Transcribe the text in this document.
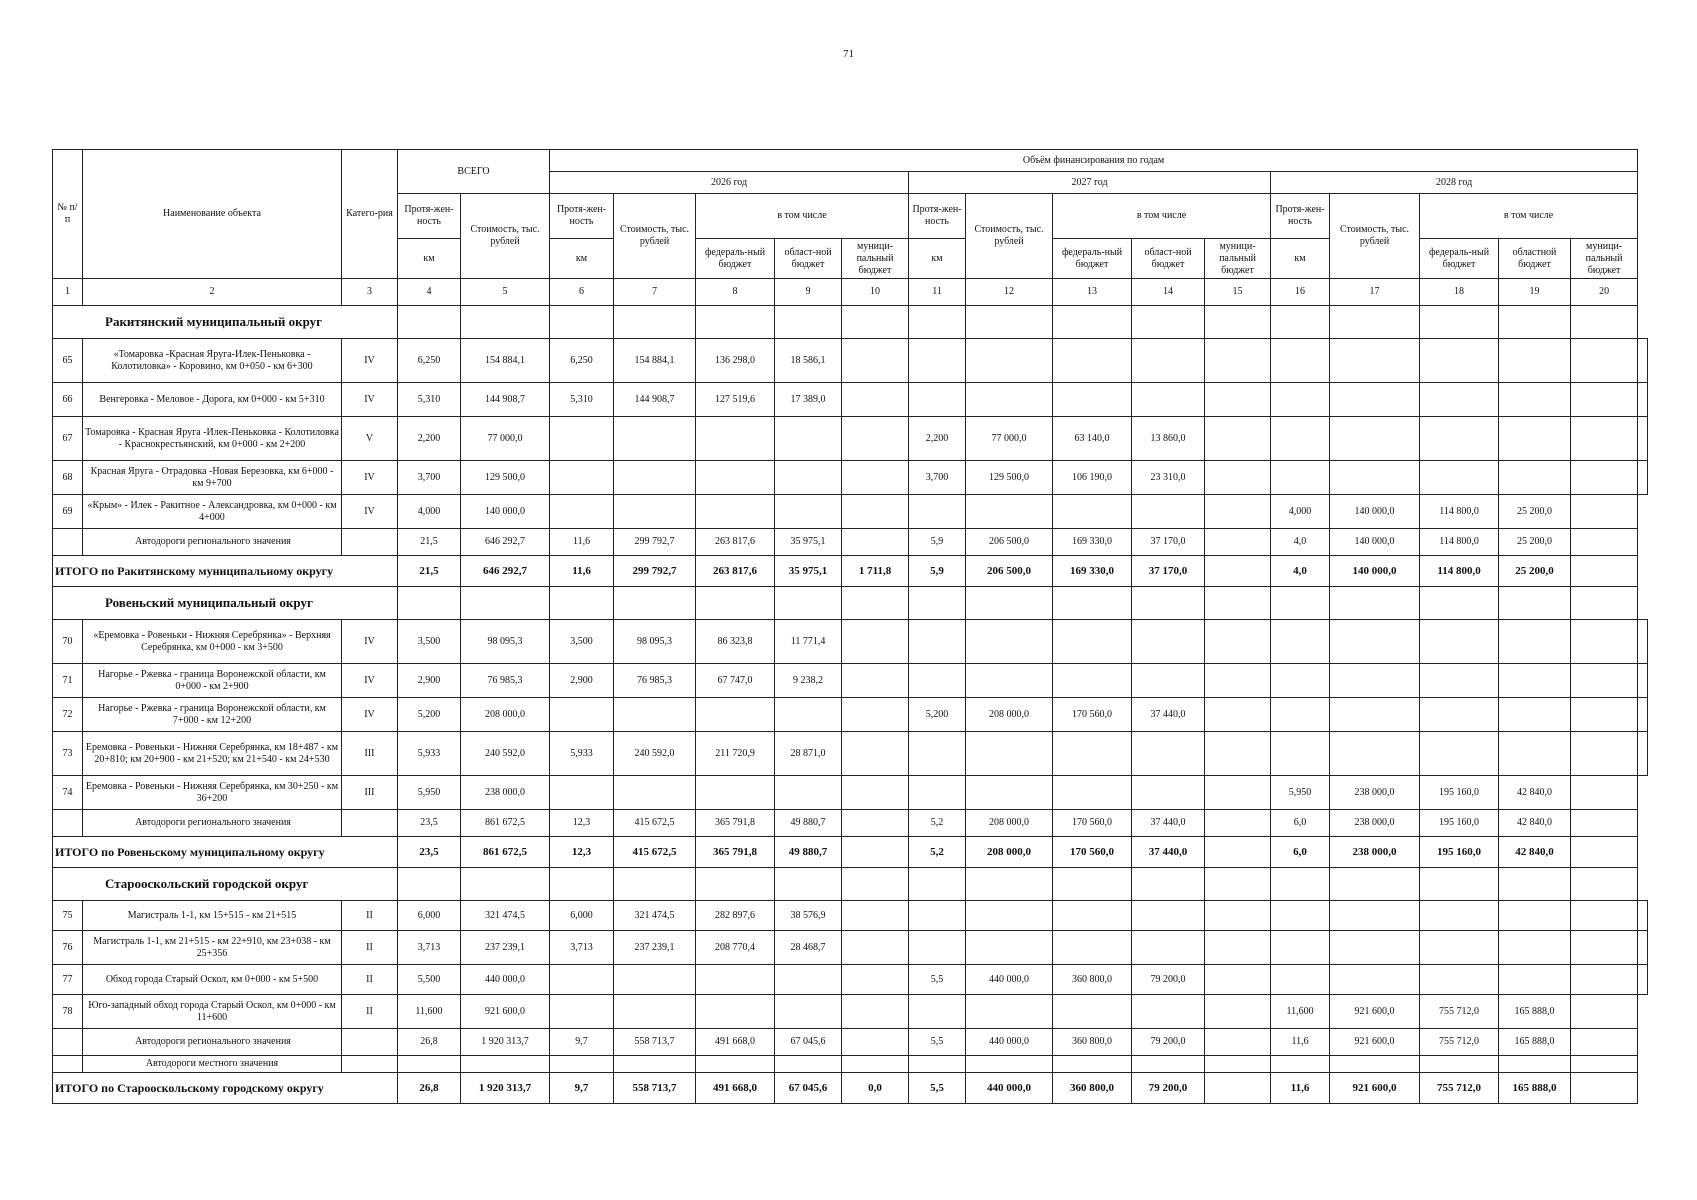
71
№ п/п	Наименование объекта	Катего-рия	ВСЕГО		Объём финансирования по годам															
					2026 год					2027 год					2028 год					
			Протя-жен-ность	Стоимость, тыс. рублей	Протя-жен-ность	Стоимость, тыс. рублей	в том числе			Протя-жен-ность	Стоимость, тыс. рублей	в том числе			Протя-жен-ность	Стоимость, тыс. рублей	в том числе			
			км		км		федераль-ный бюджет	област-ной бюджет	муници-пальный бюджет	км		федераль-ный бюджет	област-ной бюджет	муници-пальный бюджет	км		федераль-ный бюджет	областной бюджет	муници-пальный бюджет	
1	2	3	4	5	6	7	8	9	10	11	12	13	14	15	16	17	18	19	20	
Ракитянский муниципальный округ																				
65	«Томаровка -Красная Яруга-Илек-Пеньковка - Колотиловка» - Коровино, км 0+050 - км 6+300	IV	6,250	154 884,1	6,250	154 884,1	136 298,0	18 586,1												
66	Венгеровка - Меловое - Дорога, км 0+000 - км 5+310	IV	5,310	144 908,7	5,310	144 908,7	127 519,6	17 389,0												
67	Томаровка - Красная Яруга -Илек-Пеньковка - Колотиловка - Краснокрестьянский, км 0+000 - км 2+200	V	2,200	77 000,0						2,200	77 000,0	63 140,0	13 860,0							
68	Красная Яруга - Отрадовка -Новая Березовка, км 6+000 - км 9+700	IV	3,700	129 500,0						3,700	129 500,0	106 190,0	23 310,0							
69	«Крым» - Илек - Ракитное - Александровка, км 0+000 - км 4+000	IV	4,000	140 000,0											4,000	140 000,0	114 800,0	25 200,0		
	Автодороги регионального значения		21,5	646 292,7	11,6	299 792,7	263 817,6	35 975,1		5,9	206 500,0	169 330,0	37 170,0		4,0	140 000,0	114 800,0	25 200,0		
ИТОГО по Ракитянскому муниципальному округу			21,5	646 292,7	11,6	299 792,7	263 817,6	35 975,1	1 711,8	5,9	206 500,0	169 330,0	37 170,0		4,0	140 000,0	114 800,0	25 200,0		
Ровеньский муниципальный округ																				
70	«Еремовка - Ровеньки - Нижняя Серебрянка» - Верхняя Серебрянка, км 0+000 - км 3+500	IV	3,500	98 095,3	3,500	98 095,3	86 323,8	11 771,4												
71	Нагорье - Ржевка - граница Воронежской области, км 0+000 - км 2+900	IV	2,900	76 985,3	2,900	76 985,3	67 747,0	9 238,2												
72	Нагорье - Ржевка - граница Воронежской области, км 7+000 - км 12+200	IV	5,200	208 000,0						5,200	208 000,0	170 560,0	37 440,0							
73	Еремовка - Ровеньки - Нижняя Серебрянка, км 18+487 - км 20+810; км 20+900 - км 21+520; км 21+540 - км 24+530	III	5,933	240 592,0	5,933	240 592,0	211 720,9	28 871,0												
74	Еремовка - Ровеньки - Нижняя Серебрянка, км 30+250 - км 36+200	III	5,950	238 000,0											5,950	238 000,0	195 160,0	42 840,0		
	Автодороги регионального значения		23,5	861 672,5	12,3	415 672,5	365 791,8	49 880,7		5,2	208 000,0	170 560,0	37 440,0		6,0	238 000,0	195 160,0	42 840,0		
ИТОГО по Ровеньскому муниципальному округу			23,5	861 672,5	12,3	415 672,5	365 791,8	49 880,7		5,2	208 000,0	170 560,0	37 440,0		6,0	238 000,0	195 160,0	42 840,0		
Старооскольский городской округ																				
75	Магистраль 1-1, км 15+515 - км 21+515	II	6,000	321 474,5	6,000	321 474,5	282 897,6	38 576,9												
76	Магистраль 1-1, км 21+515 - км 22+910, км 23+038 - км 25+356	II	3,713	237 239,1	3,713	237 239,1	208 770,4	28 468,7												
77	Обход города Старый Оскол, км 0+000 - км 5+500	II	5,500	440 000,0						5,5	440 000,0	360 800,0	79 200,0							
78	Юго-западный обход города Старый Оскол, км 0+000 - км 11+600	II	11,600	921 600,0											11,600	921 600,0	755 712,0	165 888,0		
	Автодороги регионального значения		26,8	1 920 313,7	9,7	558 713,7	491 668,0	67 045,6		5,5	440 000,0	360 800,0	79 200,0		11,6	921 600,0	755 712,0	165 888,0		
	Автодороги местного значения																			
ИТОГО по Старооскольскому городскому округу			26,8	1 920 313,7	9,7	558 713,7	491 668,0	67 045,6	0,0	5,5	440 000,0	360 800,0	79 200,0		11,6	921 600,0	755 712,0	165 888,0		
